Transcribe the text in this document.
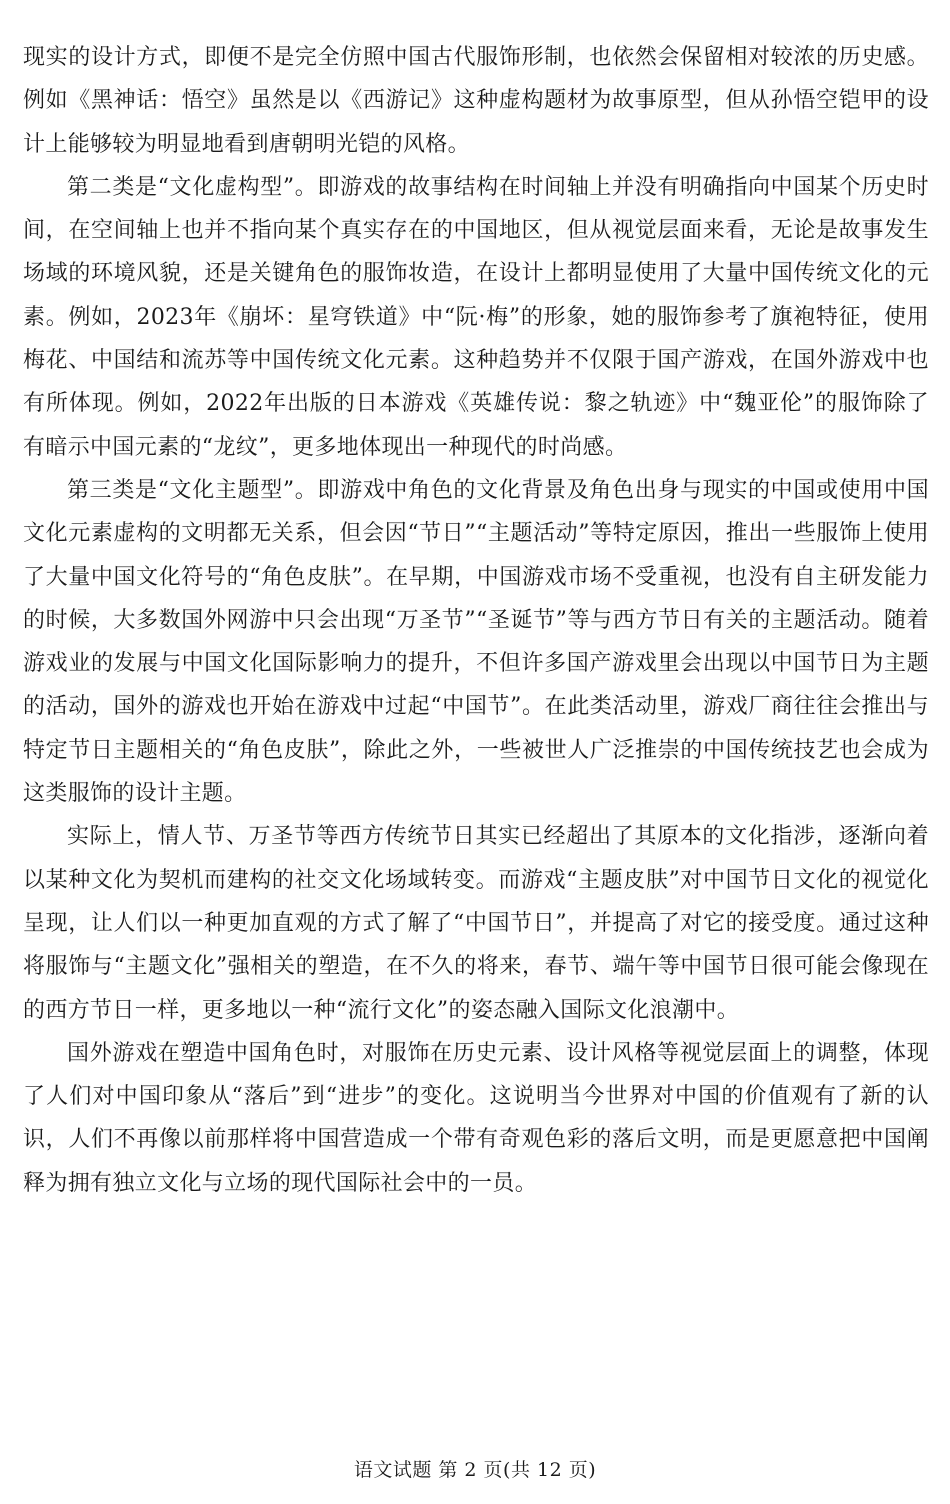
现实的设计方式，即便不是完全仿照中国古代服饰形制，也依然会保留相对较浓的历史感。例如《黑神话：悟空》虽然是以《西游记》这种虚构题材为故事原型，但从孙悟空铠甲的设计上能够较为明显地看到唐朝明光铠的风格。

第二类是“文化虚构型”。即游戏的故事结构在时间轴上并没有明确指向中国某个历史时间，在空间轴上也并不指向某个真实存在的中国地区，但从视觉层面来看，无论是故事发生场域的环境风貌，还是关键角色的服饰妆造，在设计上都明显使用了大量中国传统文化的元素。例如，2023年《崩坏：星穹铁道》中“阮·梅”的形象，她的服饰参考了旗袍特征，使用梅花、中国结和流苏等中国传统文化元素。这种趋势并不仅限于国产游戏，在国外游戏中也有所体现。例如，2022年出版的日本游戏《英雄传说：黎之轨迹》中“魏亚伦”的服饰除了有暗示中国元素的“龙纹”，更多地体现出一种现代的时尚感。

第三类是“文化主题型”。即游戏中角色的文化背景及角色出身与现实的中国或使用中国文化元素虚构的文明都无关系，但会因“节日”“主题活动”等特定原因，推出一些服饰上使用了大量中国文化符号的“角色皮肤”。在早期，中国游戏市场不受重视，也没有自主研发能力的时候，大多数国外网游中只会出现“万圣节”“圣诞节”等与西方节日有关的主题活动。随着游戏业的发展与中国文化国际影响力的提升，不但许多国产游戏里会出现以中国节日为主题的活动，国外的游戏也开始在游戏中过起“中国节”。在此类活动里，游戏厂商往往会推出与特定节日主题相关的“角色皮肤”，除此之外，一些被世人广泛推崇的中国传统技艺也会成为这类服饰的设计主题。

实际上，情人节、万圣节等西方传统节日其实已经超出了其原本的文化指涉，逐渐向着以某种文化为契机而建构的社交文化场域转变。而游戏“主题皮肤”对中国节日文化的视觉化呈现，让人们以一种更加直观的方式了解了“中国节日”，并提高了对它的接受度。通过这种将服饰与“主题文化”强相关的塑造，在不久的将来，春节、端午等中国节日很可能会像现在的西方节日一样，更多地以一种“流行文化”的姿态融入国际文化浪潮中。

国外游戏在塑造中国角色时，对服饰在历史元素、设计风格等视觉层面上的调整，体现了人们对中国印象从“落后”到“进步”的变化。这说明当今世界对中国的价值观有了新的认识，人们不再像以前那样将中国营造成一个带有奇观色彩的落后文明，而是更愿意把中国阐释为拥有独立文化与立场的现代国际社会中的一员。

语文试题 第 2 页(共 12 页)
